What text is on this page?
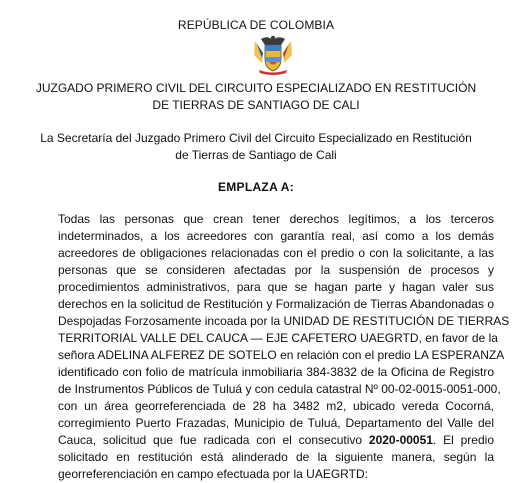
REPÚBLICA DE COLOMBIA
JUZGADO PRIMERO CIVIL DEL CIRCUITO ESPECIALIZADO EN RESTITUCIÓN
DE TIERRAS DE SANTIAGO DE CALI
La Secretaría del Juzgado Primero Civil del Circuito Especializado en Restitución
de Tierras de Santiago de Cali
EMPLAZA A:
Todas las personas que crean tener derechos legítimos, a los terceros
indeterminados, a los acreedores con garantía real, así como a los demás
acreedores de obligaciones relacionadas con el predio o con la solicitante, a las
personas que se consideren afectadas por la suspensión de procesos y
procedimientos administrativos, para que se hagan parte y hagan valer sus
derechos en la solicitud de Restitución y Formalización de Tierras Abandonadas o
Despojadas Forzosamente incoada por la UNIDAD DE RESTITUCIÓN DE TIERRAS
TERRITORIAL VALLE DEL CAUCA — EJE CAFETERO UAEGRTD, en favor de la
señora ADELINA ALFEREZ DE SOTELO en relación con el predio LA ESPERANZA
identificado con folio de matrícula inmobiliaria 384-3832 de la Oficina de Registro
de Instrumentos Públicos de Tuluá y con cedula catastral Nº 00-02-0015-0051-000,
con un área georreferenciada de 28 ha 3482 m2, ubicado vereda Cocorná,
corregimiento Puerto Frazadas, Municipio de Tuluá, Departamento del Valle del
Cauca, solicitud que fue radicada con el consecutivo 2020-00051. El predio
solicitado en restitución está alinderado de la siguiente manera, según la
georreferenciación en campo efectuada por la UAEGRTD:
